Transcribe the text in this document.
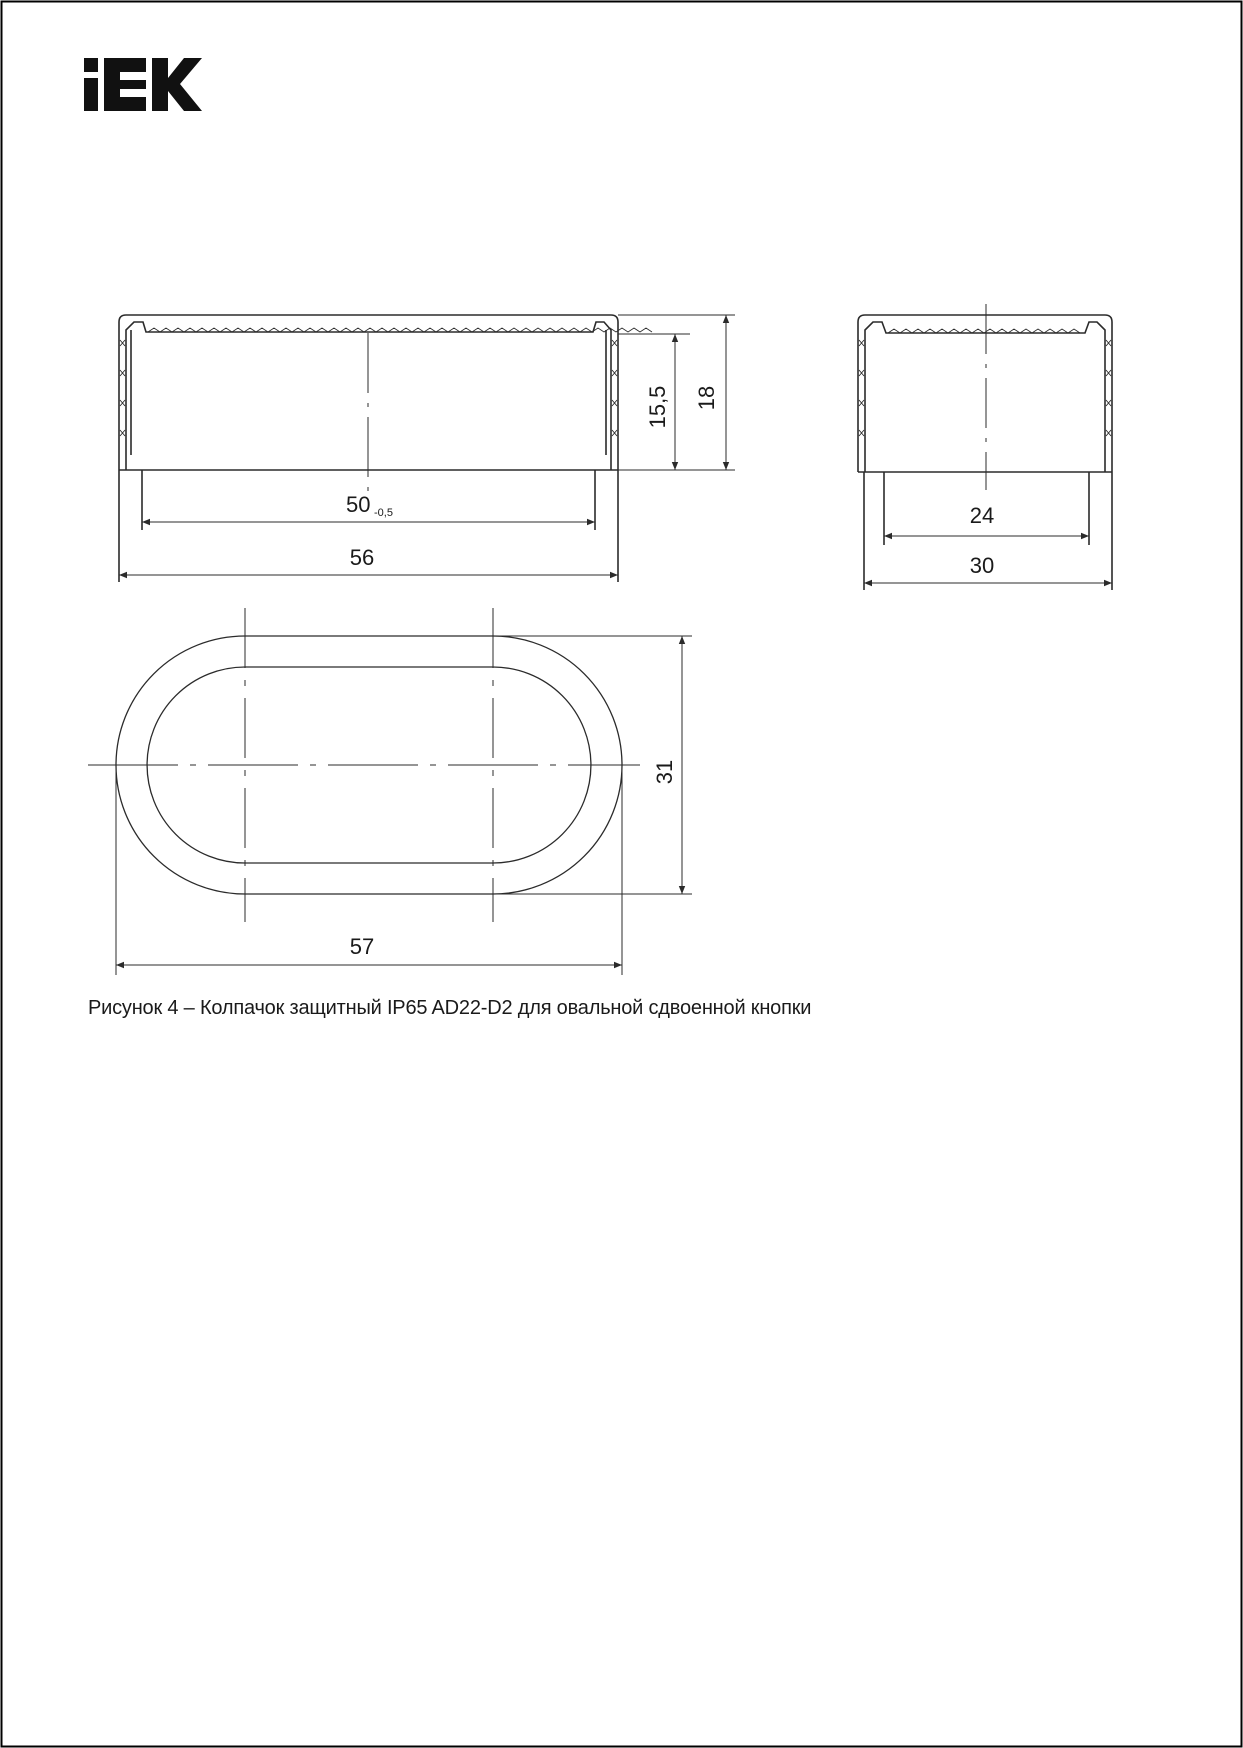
15,5 18
50 -0,5
56
24
30
31
57
Рисунок 4 – Колпачок защитный IP65 AD22-D2 для овальной сдвоенной кнопки
